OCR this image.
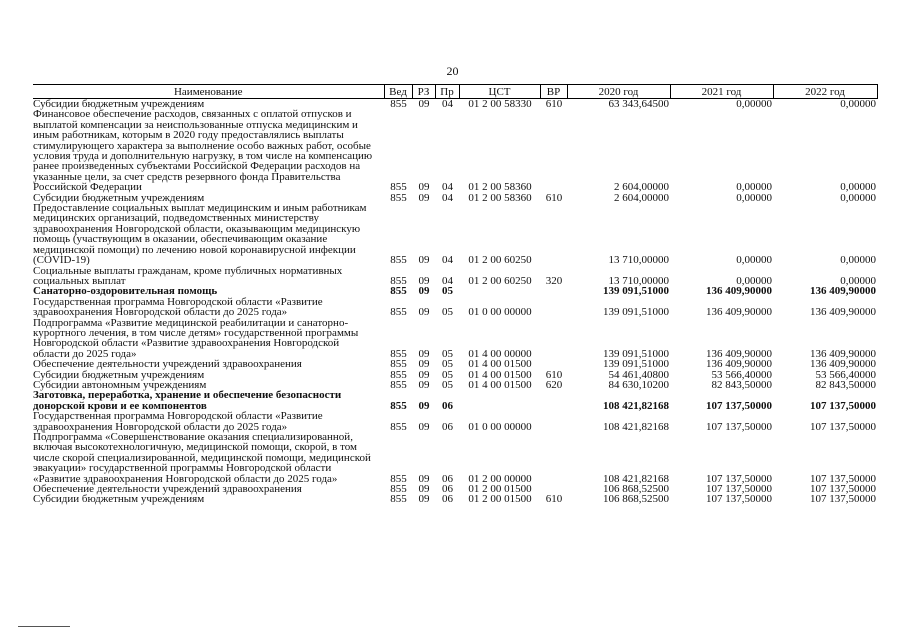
20
Наименование	Вед	РЗ	Пр	ЦСТ	ВР	2020 год	2021 год	2022 год
Субсидии бюджетным учреждениям	855	09	04	01 2 00 58330	610	63 343,64500	0,00000	0,00000
Финансовое обеспечение расходов, связанных с оплатой отпусков и выплатой компенсации за неиспользованные отпуска медицинским и иным работникам, которым в 2020 году предоставлялись выплаты стимулирующего характера за выполнение особо важных работ, особые условия труда и дополнительную нагрузку, в том числе на компенсацию ранее произведенных субъектами Российской Федерации расходов на указанные цели, за счет средств резервного фонда Правительства Российской Федерации	855	09	04	01 2 00 58360		2 604,00000	0,00000	0,00000
Субсидии бюджетным учреждениям	855	09	04	01 2 00 58360	610	2 604,00000	0,00000	0,00000
Предоставление социальных выплат медицинским и иным работникам медицинских организаций, подведомственных министерству здравоохранения Новгородской области, оказывающим медицинскую помощь (участвующим в оказании, обеспечивающим оказание медицинской помощи) по лечению новой коронавирусной инфекции (COVID-19)	855	09	04	01 2 00 60250		13 710,00000	0,00000	0,00000
Социальные выплаты гражданам, кроме публичных нормативных социальных выплат	855	09	04	01 2 00 60250	320	13 710,00000	0,00000	0,00000
Санаторно-оздоровительная помощь	855	09	05			139 091,51000	136 409,90000	136 409,90000
Государственная программа Новгородской области «Развитие здравоохранения Новгородской области до 2025 года»	855	09	05	01 0 00 00000		139 091,51000	136 409,90000	136 409,90000
Подпрограмма «Развитие медицинской реабилитации и санаторно-курортного лечения, в том числе детям» государственной программы Новгородской области «Развитие здравоохранения Новгородской области до 2025 года»	855	09	05	01 4 00 00000		139 091,51000	136 409,90000	136 409,90000
Обеспечение деятельности учреждений здравоохранения	855	09	05	01 4 00 01500		139 091,51000	136 409,90000	136 409,90000
Субсидии бюджетным учреждениям	855	09	05	01 4 00 01500	610	54 461,40800	53 566,40000	53 566,40000
Субсидии автономным учреждениям	855	09	05	01 4 00 01500	620	84 630,10200	82 843,50000	82 843,50000
Заготовка, переработка, хранение и обеспечение безопасности донорской крови и ее компонентов	855	09	06			108 421,82168	107 137,50000	107 137,50000
Государственная программа Новгородской области «Развитие здравоохранения Новгородской области до 2025 года»	855	09	06	01 0 00 00000		108 421,82168	107 137,50000	107 137,50000
Подпрограмма «Совершенствование оказания специализированной, включая высокотехнологичную, медицинской помощи, скорой, в том числе скорой специализированной, медицинской помощи, медицинской эвакуации» государственной программы Новгородской области «Развитие здравоохранения Новгородской области до 2025 года»	855	09	06	01 2 00 00000		108 421,82168	107 137,50000	107 137,50000
Обеспечение деятельности учреждений здравоохранения	855	09	06	01 2 00 01500		106 868,52500	107 137,50000	107 137,50000
Субсидии бюджетным учреждениям	855	09	06	01 2 00 01500	610	106 868,52500	107 137,50000	107 137,50000
